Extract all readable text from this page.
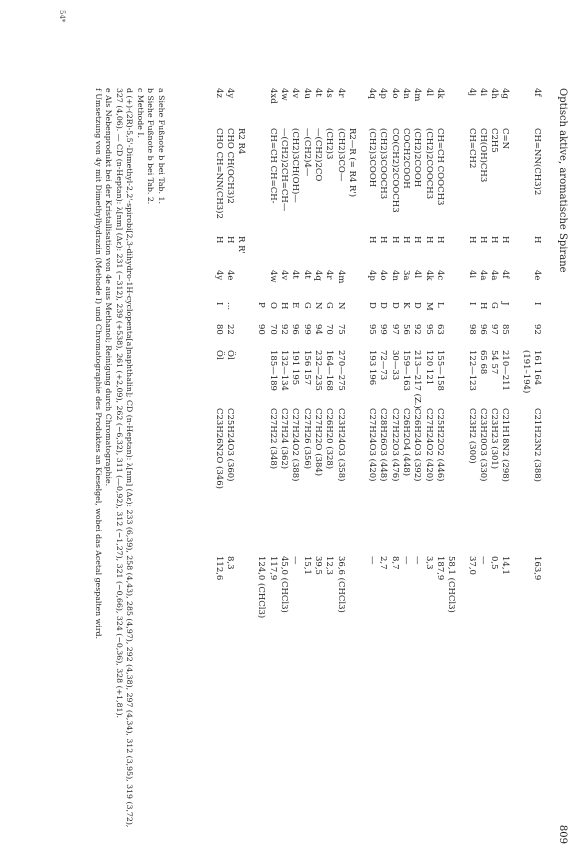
Optisch aktive, aromatische Spirane
809
54*
4f
CH=NN(CH3)2
H
4e
I
92
161 164
C21H23N2 (388)
163,9
(191–194)
4g
C=N
H
4f
J
85
210—211
C21H18N2 (298)
14,1
4h
C2H5
H
4a
G
97
54 57
C23H23 (301)
0,5
4i
CH(OH)CH3
H
4a
H
96
65 68
C23H20O3 (330)
—
4j
CH=CH2
H
4i
I
98
122—123
C23H2 (300)
37,0
58,1 (CHCl3)
4k
CH=CH COOCH3
H
4c
L
63
155—158
C25H22O2 (446)
187,9
4l
(CH2)2COOCH3
H
4k
M
95
120 121
C27H24O2 (420)
3,3
4m
(CH2)2COOH
H
4l
D
92
213—217 (Z.)
C26H24O3 (392)
—
4n
COCH2COOH
H
3a
K
56
159—163
C26H2O4 (448)
—
4o
CO(CH2)2COOCH3
H
4n
D
97
30—33
C27H22O3 (476)
8,7
4p
(CH2)3COOCH3
H
4o
D
99
72—73
C28H26O3 (448)
2,7
4q
(CH2)3COOH
H
4p
D
95
193 196
C27H24O3 (420)
—
R2—R (= R4 R')
4r
(CH2)3CO—
4m
N
75
270—275
C23H24O3 (358)
36,6 (CHCl3)
4s
(CH2)3
4r
G
70
164—168
C26H20 (328)
12,3
4t
—(CH2)2CO
4q
N
94
232—235
C27H22O (384)
39,5
4u
—(CH2)4—
4t
G
99
156 157
C27H26 (356)
15,1
4v
(CH2)3CH(OH)—
4t
E
96
191 195
C27H24O2 (388)
—
4w
—(CH2)2CH=CH—
4v
H
92
132—134
C27H24 (362)
45,0 (CHCl3)
4xd
CH=CH CH=CH-
4w
O
70
185—189
C27H22 (348)
117,9
P
90
124,0 (CHCl3)
R2 R4
R R'
4y
CHO CH(OCH3)2
H
4e
...
22
Öl
C25H24O3 (360)
8,3
4z
CHO CH=NN(CH3)2
H
4y
I
80
Öl
C23H26N2O (346)
112,6

a Siehe Fußnote b bei Tab. 1.

b Siehe Fußnote b bei Tab. 2.

c Methode I.

d (+)-(2R)-5,5'-Dimethyl-2,2'-spirobi[2,3-dihydro-1H-cyclopenta[a]naphthalin]; CD (n-Heptan): λ[nm] (Δε): 233 (6,39), 258 (4,43), 285 (4,97), 292 (4,38), 297 (4,34), 312 (3,95), 319 (3,72), 327 (4,06). — CD (n-Heptan): λ[nm] (Δε): 231 (−312), 239 (+538), 261 (+2,09), 262 (−6,32), 311 (—0,92), 312 (−1,27), 321 (−0,66), 324 (−0,36), 328 (+1,81).

e Als Nebenprodukt bei der Kristallisation von 4e aus Methanol; Reinigung durch Chromatographie.

f Umsetzung von 4y mit Dimethylhydrazin (Methode I) und Chromatographie des Produktes an Kieselgel, wobei das Acetal gespalten wird.
